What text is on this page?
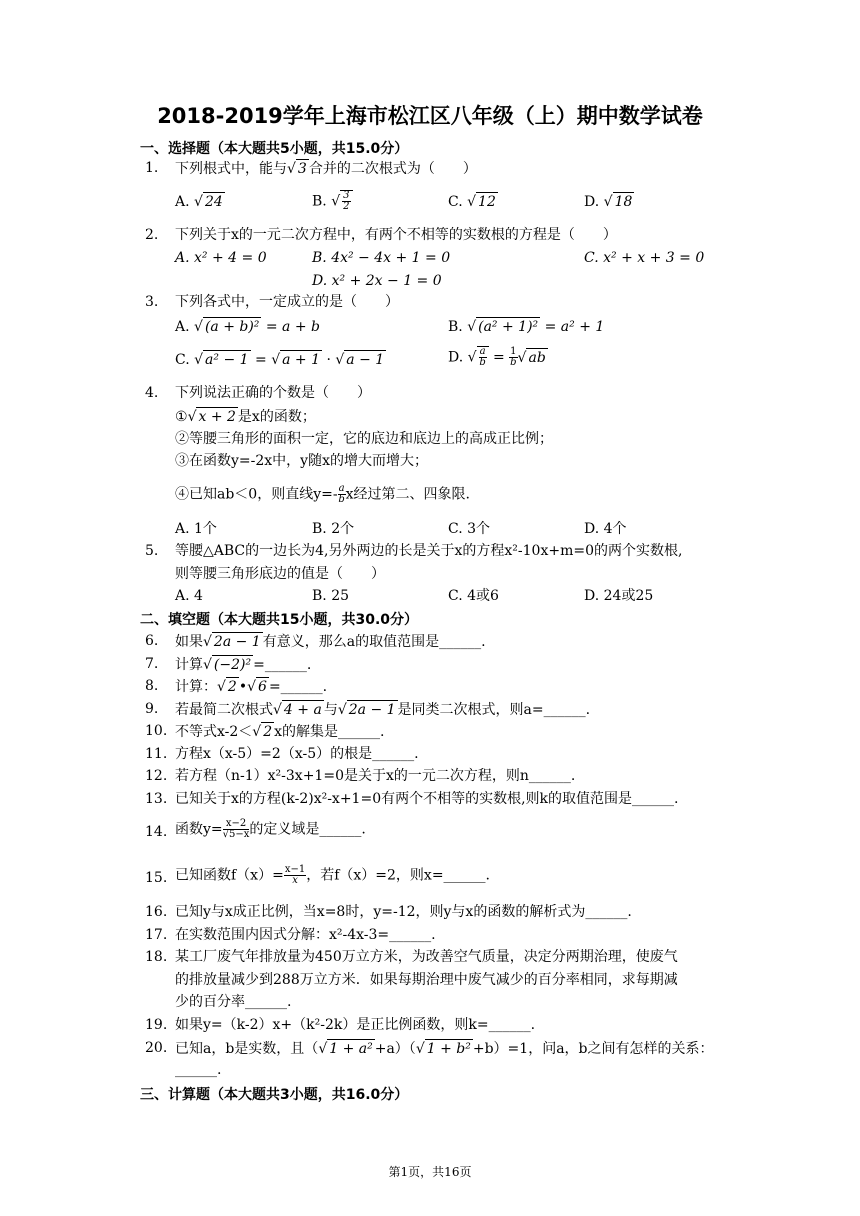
2018-2019学年上海市松江区八年级（上）期中数学试卷
一、选择题（本大题共5小题，共15.0分）
1. 下列根式中，能与√ 3 合并的二次根式为（　　）
A. √ 24	B. √ $\frac{3}{2}$	C. √ 12	D. √ 18
2. 下列关于x的一元二次方程中，有两个不相等的实数根的方程是（　　）
A. x² + 4 = 0	B. 4x² − 4x + 1 = 0	C. x² + x + 3 = 0
D. x² + 2x − 1 = 0
3. 下列各式中，一定成立的是（　　）
A. √ (a + b)² = a + b	B. √ (a² + 1)² = a² + 1
C. √ a² − 1 = √ a + 1 · √ a − 1	D. √ $\frac{a}{b} = \frac{1}{b}$ √ ab
4. 下列说法正确的个数是（　　）
①√ x + 2 是x的函数；
②等腰三角形的面积一定，它的底边和底边上的高成正比例；
③在函数y=-2x中，y随x的增大而增大；
④已知ab＜0，则直线$y=- \frac{a}{b}$ x经过第二、四象限.
A. 1个	B. 2个	C. 3个	D. 4个
5. 等腰△ABC的一边长为4,另外两边的长是关于x的方程x²-10x+m=0的两个实数根,
则等腰三角形底边的值是（　　）
A. 4	B. 25	C. 4或6	D. 24或25
二、填空题（本大题共15小题，共30.0分）
6. 如果√ 2a − 1 有意义，那么a的取值范围是______.
7. 计算√ (−2)² =______.
8. 计算：√ 2 •√ 6 =______.
9. 若最简二次根式√ 4 + a 与√ 2a − 1 是同类二次根式，则a=______.
10. 不等式x-2＜√ 2 x的解集是______.
11. 方程x（x-5）=2（x-5）的根是______.
12. 若方程（n-1）x²-3x+1=0是关于x的一元二次方程，则n______.
13. 已知关于x的方程(k-2)x²-x+1=0有两个不相等的实数根,则k的取值范围是______.
14. 函数$y= \frac{x-2}{√5-x}$ 的定义域是______.
15. 已知函数$f(x)= \frac{x-1}{x}$ ，若f（x）=2，则x=______.
16. 已知y与x成正比例，当x=8时，y=-12，则y与x的函数的解析式为______.
17. 在实数范围内因式分解：x²-4x-3=______.
18. 某工厂废气年排放量为450万立方米，为改善空气质量，决定分两期治理，使废气
的排放量减少到288万立方米．如果每期治理中废气减少的百分率相同，求每期减
少的百分率______.
19. 如果y=（k-2）x+（k²-2k）是正比例函数，则k=______.
20. 已知a，b是实数，且（√ 1 + a² +a）（√ 1 + b² +b）=1，问a，b之间有怎样的关系：
______.
三、计算题（本大题共3小题，共16.0分）
第1页，共16页
